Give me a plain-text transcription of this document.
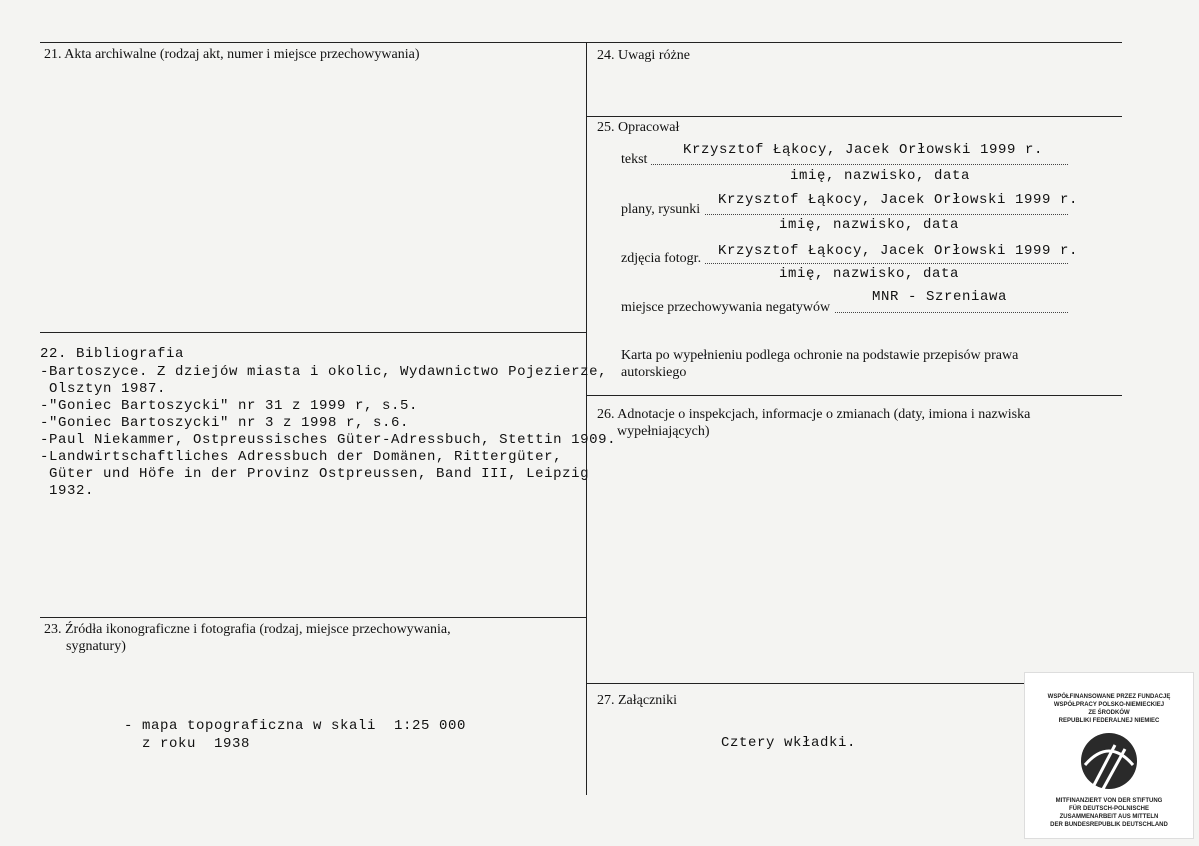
21. Akta archiwalne (rodzaj akt, numer i miejsce przechowywania)
22. Bibliografia
-Bartoszyce. Z dziejów miasta i okolic, Wydawnictwo Pojezierze,
Olsztyn 1987.
-"Goniec Bartoszycki" nr 31 z 1999 r, s.5.
-"Goniec Bartoszycki" nr 3 z 1998 r, s.6.
-Paul Niekammer, Ostpreussisches Güter-Adressbuch, Stettin 1909.
-Landwirtschaftliches Adressbuch der Domänen, Rittergüter,
Güter und Höfe in der Provinz Ostpreussen, Band III, Leipzig
1932.
23. Źródła ikonograficzne i fotografia (rodzaj, miejsce przechowywania,
sygnatury)
- mapa topograficzna w skali  1:25 000
z roku  1938
24. Uwagi różne
25. Opracował
tekst
Krzysztof Łąkocy, Jacek Orłowski 1999 r.
imię, nazwisko, data
plany, rysunki
Krzysztof Łąkocy, Jacek Orłowski 1999 r.
imię, nazwisko, data
zdjęcia fotogr. Krzysztof Łąkocy, Jacek Orłowski 1999 r.
imię, nazwisko, data
miejsce przechowywania negatywów
MNR - Szreniawa
Karta po wypełnieniu podlega ochronie na podstawie przepisów prawa
autorskiego
26. Adnotacje o inspekcjach, informacje o zmianach (daty, imiona i nazwiska
wypełniających)
27. Załączniki
Cztery wkładki.
WSPÓŁFINANSOWANE PRZEZ FUNDACJĘ
WSPÓŁPRACY POLSKO-NIEMIECKIEJ
ZE ŚRODKÓW
REPUBLIKI FEDERALNEJ NIEMIEC
MITFINANZIERT VON DER STIFTUNG
FÜR DEUTSCH-POLNISCHE
ZUSAMMENARBEIT AUS MITTELN
DER BUNDESREPUBLIK DEUTSCHLAND
